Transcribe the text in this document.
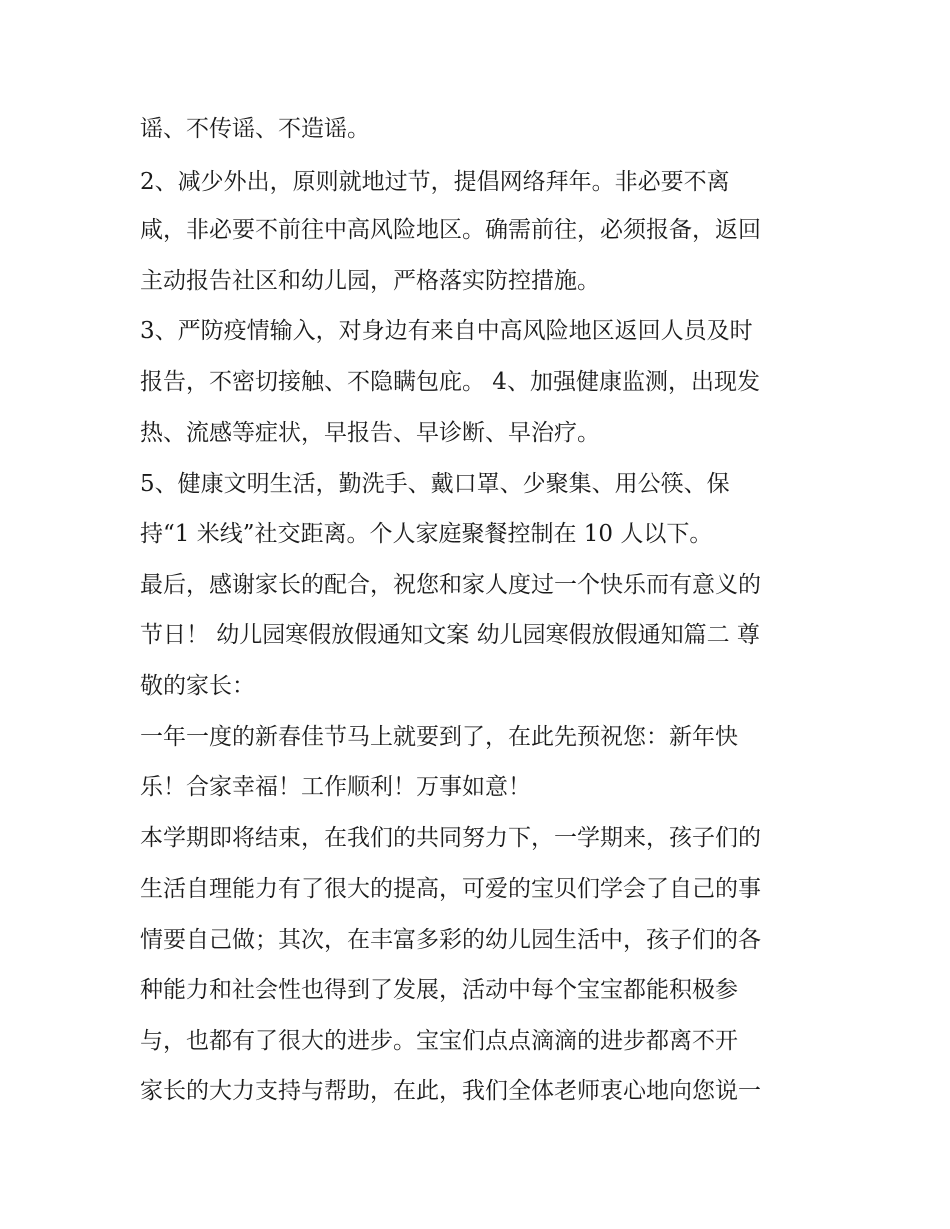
谣、不传谣、不造谣。
2、减少外出，原则就地过节，提倡网络拜年。非必要不离
咸，非必要不前往中高风险地区。确需前往，必须报备，返回
主动报告社区和幼儿园，严格落实防控措施。
3、严防疫情输入，对身边有来自中高风险地区返回人员及时
报告，不密切接触、不隐瞒包庇。 4、加强健康监测，出现发
热、流感等症状，早报告、早诊断、早治疗。
5、健康文明生活，勤洗手、戴口罩、少聚集、用公筷、保
持“1 米线”社交距离。个人家庭聚餐控制在 10 人以下。
最后，感谢家长的配合，祝您和家人度过一个快乐而有意义的
节日！ 幼儿园寒假放假通知文案 幼儿园寒假放假通知篇二 尊
敬的家长：
一年一度的新春佳节马上就要到了，在此先预祝您：新年快
乐！合家幸福！工作顺利！万事如意！
本学期即将结束，在我们的共同努力下，一学期来，孩子们的
生活自理能力有了很大的提高，可爱的宝贝们学会了自己的事
情要自己做；其次，在丰富多彩的幼儿园生活中，孩子们的各
种能力和社会性也得到了发展，活动中每个宝宝都能积极参
与，也都有了很大的进步。宝宝们点点滴滴的进步都离不开
家长的大力支持与帮助，在此，我们全体老师衷心地向您说一
